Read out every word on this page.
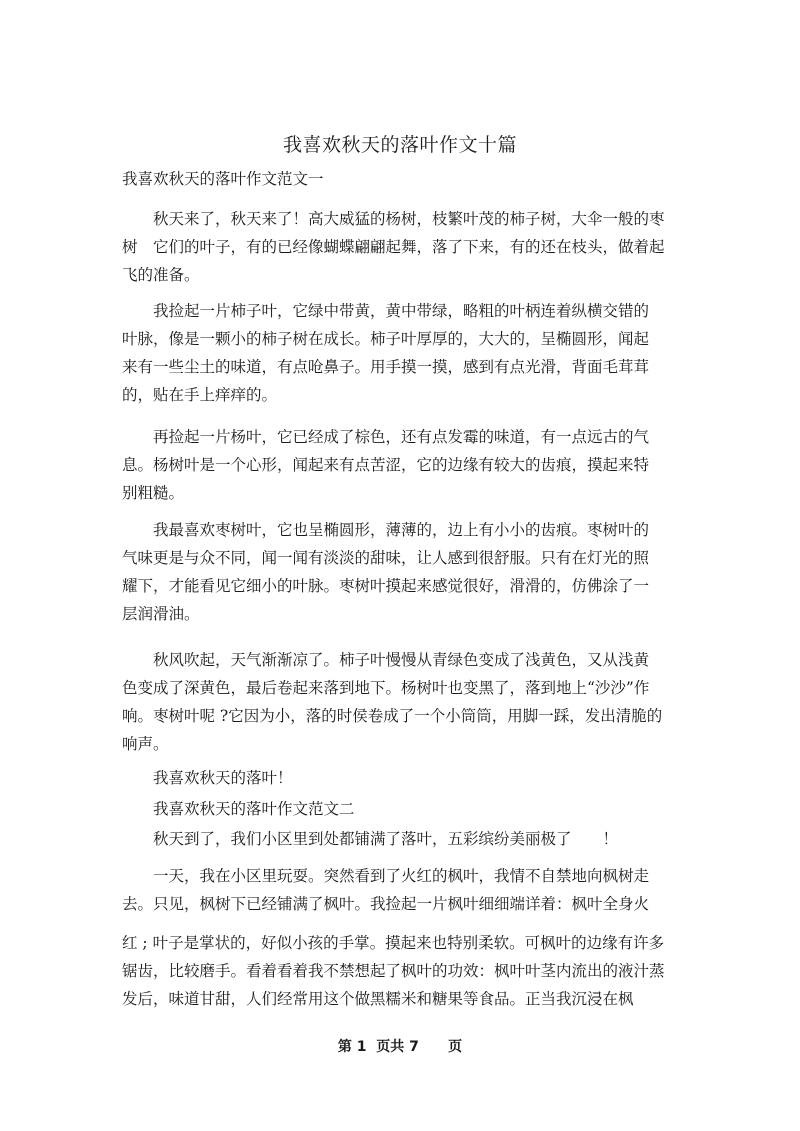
我喜欢秋天的落叶作文十篇
我喜欢秋天的落叶作文范文一
秋天来了，秋天来了！高大威猛的杨树，枝繁叶茂的柿子树，大伞一般的枣
树　它们的叶子，有的已经像蝴蝶翩翩起舞，落了下来，有的还在枝头，做着起
飞的准备。
我捡起一片柿子叶，它绿中带黄，黄中带绿，略粗的叶柄连着纵横交错的
叶脉，像是一颗小的柿子树在成长。柿子叶厚厚的，大大的，呈椭圆形，闻起
来有一些尘土的味道，有点呛鼻子。用手摸一摸，感到有点光滑，背面毛茸茸
的，贴在手上痒痒的。
再捡起一片杨叶，它已经成了棕色，还有点发霉的味道，有一点远古的气
息。杨树叶是一个心形，闻起来有点苦涩，它的边缘有较大的齿痕，摸起来特
别粗糙。
我最喜欢枣树叶，它也呈椭圆形，薄薄的，边上有小小的齿痕。枣树叶的
气味更是与众不同，闻一闻有淡淡的甜味，让人感到很舒服。只有在灯光的照
耀下，才能看见它细小的叶脉。枣树叶摸起来感觉很好，滑滑的，仿佛涂了一
层润滑油。
秋风吹起，天气渐渐凉了。柿子叶慢慢从青绿色变成了浅黄色，又从浅黄
色变成了深黄色，最后卷起来落到地下。杨树叶也变黑了，落到地上“沙沙”作
响。枣树叶呢 ?它因为小，落的时侯卷成了一个小筒筒，用脚一踩，发出清脆的
响声。
我喜欢秋天的落叶！
我喜欢秋天的落叶作文范文二
秋天到了，我们小区里到处都铺满了落叶，五彩缤纷美丽极了　　！
一天，我在小区里玩耍。突然看到了火红的枫叶，我情不自禁地向枫树走
去。只见，枫树下已经铺满了枫叶。我捡起一片枫叶细细端详着：枫叶全身火
红 ; 叶子是掌状的，好似小孩的手掌。摸起来也特别柔软。可枫叶的边缘有许多
锯齿，比较磨手。看着看着我不禁想起了枫叶的功效：枫叶叶茎内流出的液汁蒸
发后，味道甘甜，人们经常用这个做黑糯米和糖果等食品。正当我沉浸在枫
第 1  页共 7      页
